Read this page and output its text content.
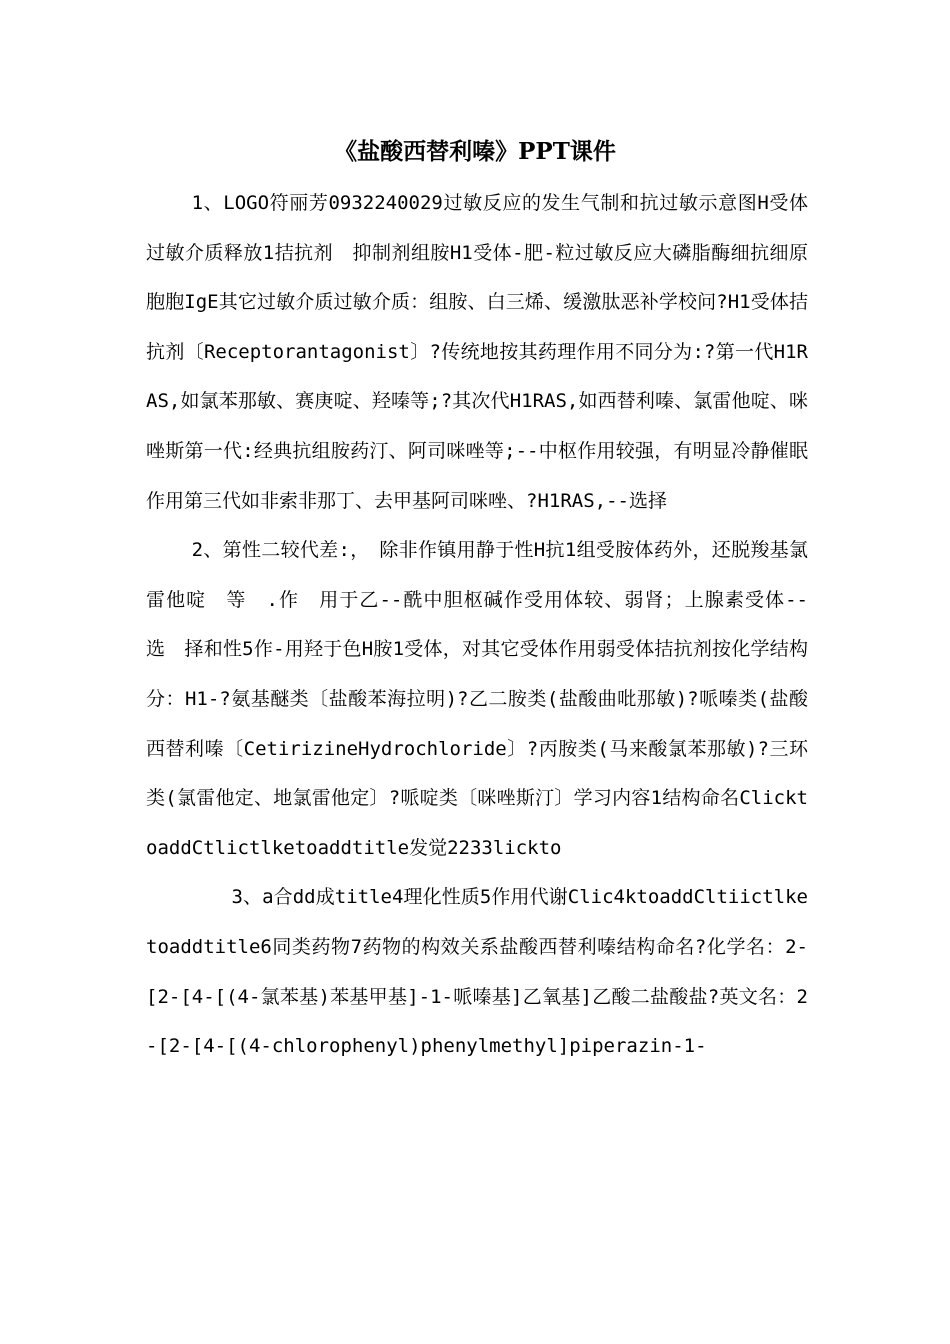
《盐酸西替利嗪》PPT课件

1、LOGO符丽芳0932240029过敏反应的发生气制和抗过敏示意图H受体过敏介质释放1拮抗剂　抑制剂组胺H1受体-肥-粒过敏反应大磷脂酶细抗细原胞胞IgE其它过敏介质过敏介质：组胺、白三烯、缓激肽恶补学校问?H1受体拮抗剂〔Receptorantagonist〕?传统地按其药理作用不同分为:?第一代H1RAS,如氯苯那敏、赛庚啶、羟嗪等;?其次代H1RAS,如西替利嗪、氯雷他啶、咪唑斯第一代:经典抗组胺药汀、阿司咪唑等;--中枢作用较强，有明显冷静催眠作用第三代如非索非那丁、去甲基阿司咪唑、?H1RAS,--选择

2、第性二较代差:，　除非作镇用静于性H抗1组受胺体药外，还脱羧基氯雷他啶　等　.作　用于乙--酰中胆枢碱作受用体较、弱肾；上腺素受体--　选　择和性5作-用羟于色H胺1受体，对其它受体作用弱受体拮抗剂按化学结构分：H1-?氨基醚类〔盐酸苯海拉明)?乙二胺类(盐酸曲吡那敏)?哌嗪类(盐酸西替利嗪〔CetirizineHydrochloride〕?丙胺类(马来酸氯苯那敏)?三环类(氯雷他定、地氯雷他定〕?哌啶类〔咪唑斯汀〕学习内容1结构命名ClicktoaddCtlictlketoaddtitle发觉2233lickto

3、a合dd成title4理化性质5作用代谢Clic4ktoaddCltiictlketoaddtitle6同类药物7药物的构效关系盐酸西替利嗪结构命名?化学名：2-[2-[4-[(4-氯苯基)苯基甲基]-1-哌嗪基]乙氧基]乙酸二盐酸盐?英文名：2-[2-[4-[(4-chlorophenyl)phenylmethyl]piperazin-1-
